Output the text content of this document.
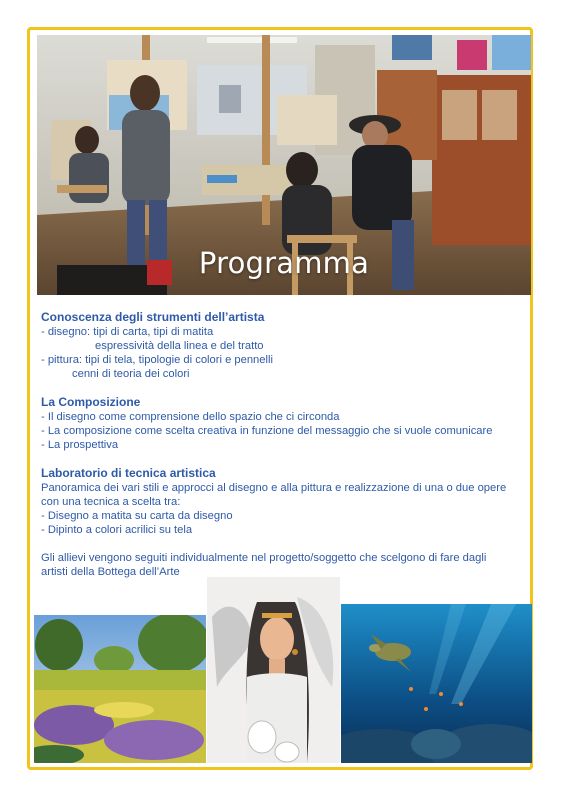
Programma
Conoscenza degli strumenti dell’artista
- disegno: tipi di carta, tipi di matita
espressività della linea e del tratto
- pittura: tipi di tela, tipologie di colori e pennelli
cenni di teoria dei colori
La Composizione
- Il disegno come comprensione dello spazio che ci circonda
- La composizione come scelta creativa in funzione del messaggio che si vuole comunicare
- La prospettiva
Laboratorio di tecnica artistica
Panoramica dei vari stili e approcci al disegno e alla pittura e realizzazione di una o due opere
con una tecnica a scelta tra:
- Disegno a matita su carta da disegno
- Dipinto a colori acrilici su tela
Gli allievi vengono seguiti individualmente nel progetto/soggetto che scelgono di fare dagli
artisti della Bottega dell’Arte
